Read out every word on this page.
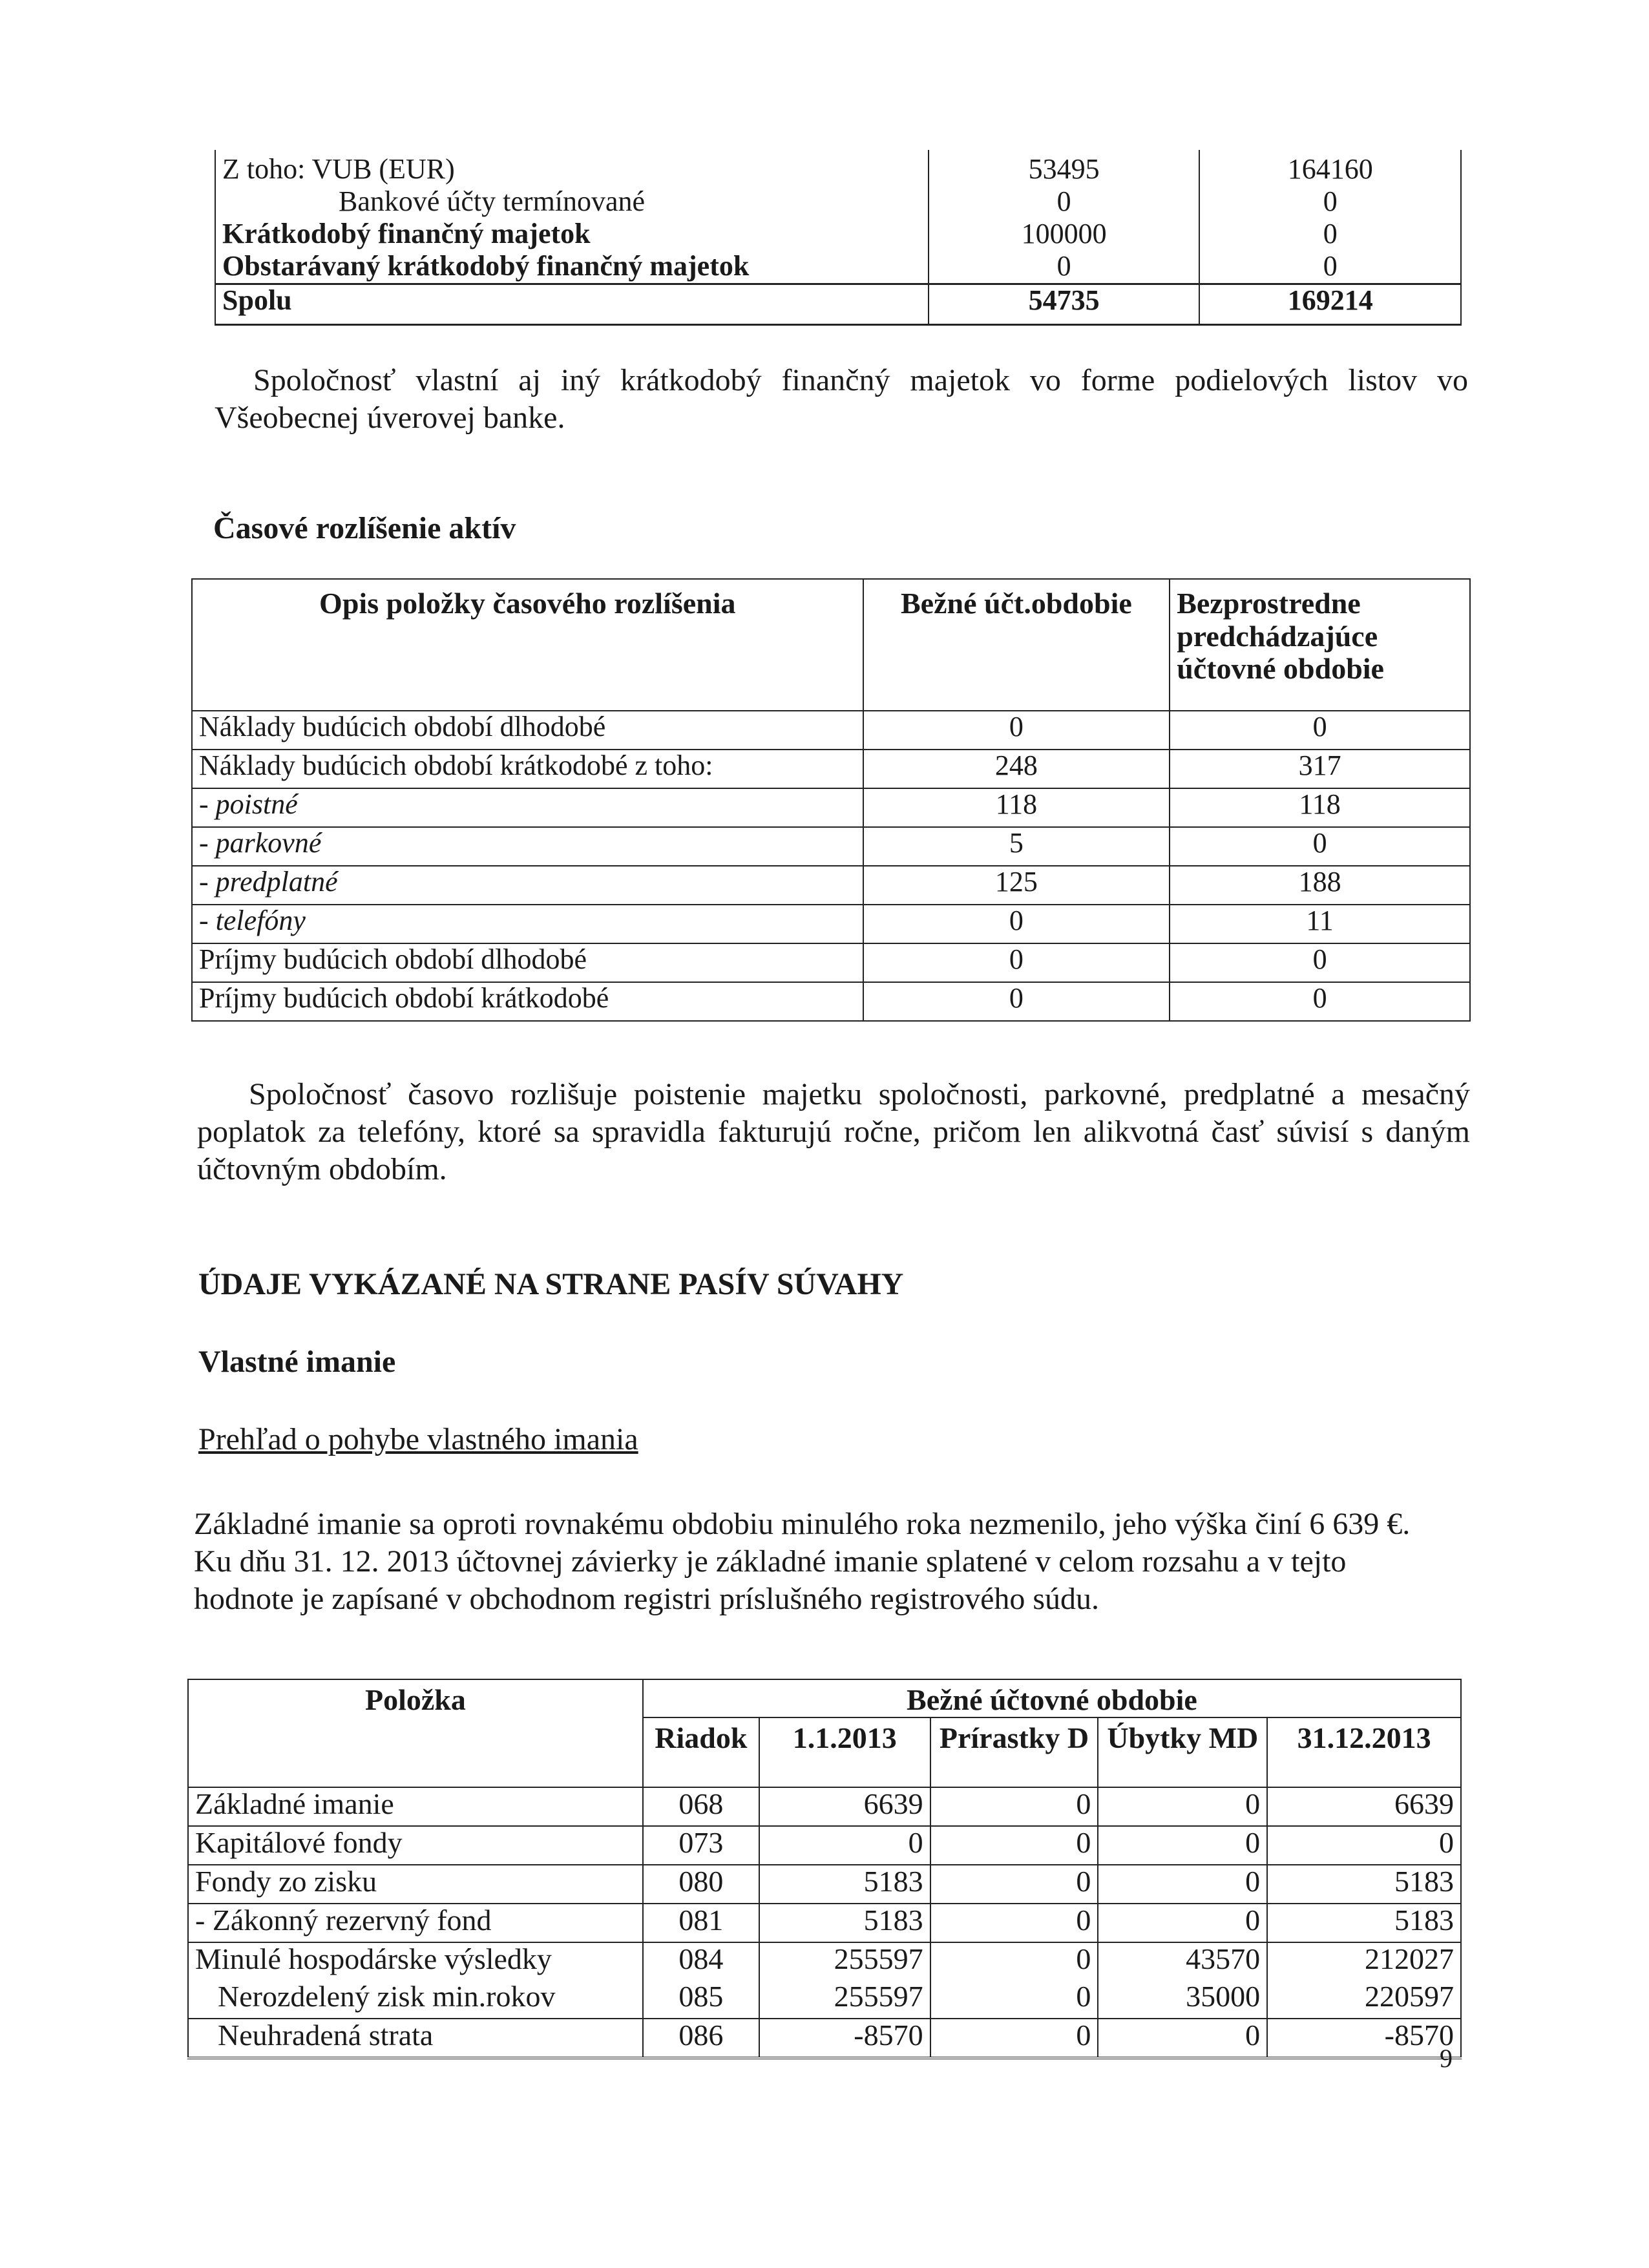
Z toho: VUB (EUR)	53495	164160
Bankové účty termínované	0	0
Krátkodobý finančný majetok	100000	0
Obstarávaný krátkodobý finančný majetok	0	0
Spolu	54735	169214

Spoločnosť vlastní aj iný krátkodobý finančný majetok vo forme podielových listov vo Všeobecnej úverovej banke.

Časové rozlíšenie aktív
Opis položky časového rozlíšenia	Bežné účt.obdobie	Bezprostredne predchádzajúce účtovné obdobie
Náklady budúcich období dlhodobé	0	0
Náklady budúcich období krátkodobé z toho:	248	317
- poistné	118	118
- parkovné	5	0
- predplatné	125	188
- telefóny	0	11
Príjmy budúcich období dlhodobé	0	0
Príjmy budúcich období krátkodobé	0	0

Spoločnosť časovo rozlišuje poistenie majetku spoločnosti, parkovné, predplatné a mesačný poplatok za telefóny, ktoré sa spravidla fakturujú ročne, pričom len alikvotná časť súvisí s daným účtovným obdobím.

ÚDAJE VYKÁZANÉ NA STRANE PASÍV SÚVAHY
Vlastné imanie
Prehľad o pohybe vlastného imania

Základné imanie sa oproti rovnakému obdobiu minulého roka nezmenilo, jeho výška činí 6 639 €. Ku dňu 31. 12. 2013 účtovnej závierky je základné imanie splatené v celom rozsahu a v tejto hodnote je zapísané v obchodnom registri príslušného registrového súdu.

Položka	Bežné účtovné obdobie				
	Riadok	1.1.2013	Prírastky D	Úbytky MD	31.12.2013
Základné imanie	068	6639	0	0	6639
Kapitálové fondy	073	0	0	0	0
Fondy zo zisku	080	5183	0	0	5183
- Zákonný rezervný fond	081	5183	0	0	5183
Minulé hospodárske výsledky	084	255597	0	43570	212027
Nerozdelený zisk min.rokov	085	255597	0	35000	220597
Neuhradená strata	086	-8570	0	0	-8570
9
